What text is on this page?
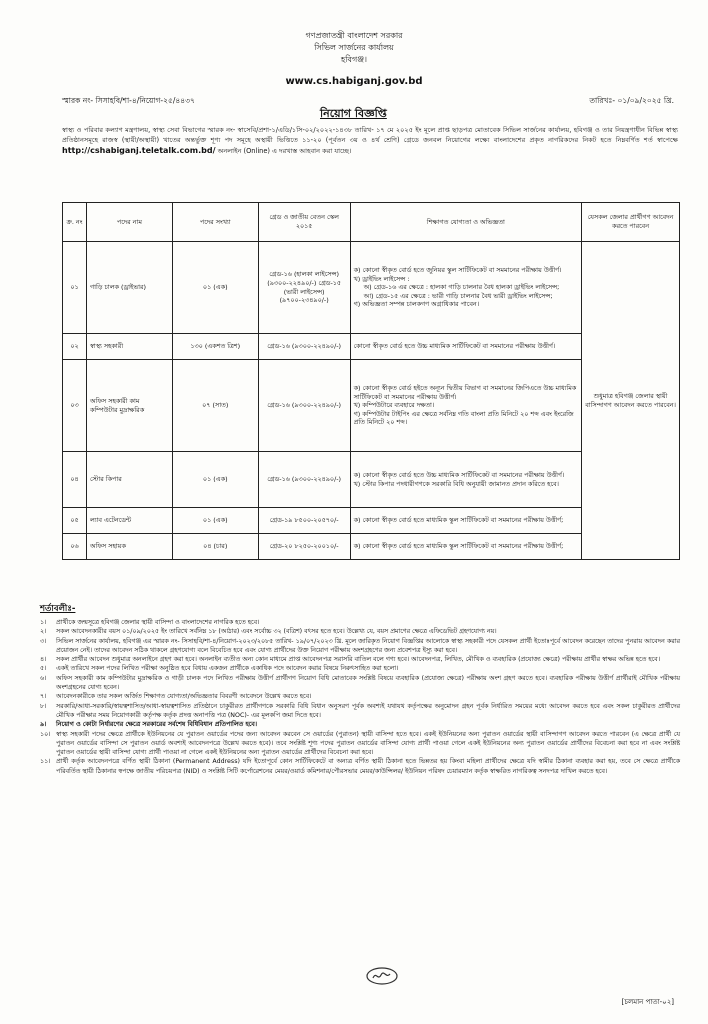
গণপ্রজাতন্ত্রী বাংলাদেশ সরকার
সিভিল সার্জনের কার্যালয়
হবিগঞ্জ।
www.cs.habiganj.gov.bd
স্মারক নং- সিসাহবি/শা-৪/নিয়োগ-২৫/৪৪৩৭	তারিখঃ- ০১/০৯/২০২৫ খ্রি.
নিয়োগ বিজ্ঞপ্তি
স্বাস্থ্য ও পরিবার কল্যাণ মন্ত্রণালয়, স্বাস্থ্য সেবা বিভাগের স্মারক নং- স্বাসেবি/প্রশা-১/এডি/১সি-০২/২০২২-১৪৩৮ তারিখ- ১৭ মে ২০২৫ ইং মূলে প্রাপ্ত ছাড়পত্র মোতাবেক সিভিল সার্জনের কার্যালয়, হবিগঞ্জ ও তার নিয়ন্ত্রণাধীন বিভিন্ন স্বাস্থ্য প্রতিষ্ঠানসমূহে রাজস্ব (স্থায়ী/অস্থায়ী) খাতের অন্তর্ভুক্ত শূণ্য পদ সমূহে অস্থায়ী ভিত্তিতে ১১-২০ (পূর্বতন ৩য় ও ৪র্থ শ্রেণি) গ্রেডে জনবল নিয়োগের লক্ষ্যে বাংলাদেশের প্রকৃত নাগরিকদের নিকট হতে নিম্নবর্ণিত শর্ত স্বাপেক্ষে http://cshabiganj.teletalk.com.bd/ অনলাইন (Online) এ দরখাস্ত আহবান করা যাচ্ছে।
ক্র. নং	পদের নাম	পদের সংখ্যা	গ্রেড ও জাতীয় বেতন স্কেল ২০১৫	শিক্ষাগত যোগ্যতা ও অভিজ্ঞতা	যেসকল জেলার প্রার্থীগণ আবেদন করতে পারবেন
০১	গাড়ি চালক (ড্রাইভার)	০১ (এক)	গ্রেড-১৬ (হালকা লাইসেন্স) (৯৩০০-২২৪৯০/-) গ্রেড-১৫ (ভারী লাইসেন্স) (৯৭০০-২৩৪৯০/-)	ক) কোনো স্বীকৃত বোর্ড হতে জুনিয়র স্কুল সার্টিফিকেট বা সমমানের পরীক্ষায় উত্তীর্ণ।
খ) ড্রাইভিং লাইসেন্স :
অ) গ্রেড-১৬ এর ক্ষেত্রে : হালকা গাড়ি চালনার বৈধ হালকা ড্রাইভিং লাইসেন্স;
আ) গ্রেড-১৫ এর ক্ষেত্রে : ভারী গাড়ি চালনার বৈধ ভারী ড্রাইভিং লাইসেন্স;
গ) অভিজ্ঞতা সম্পন্ন চালকগণ অগ্রাধিকার পাবেন।	শুধুমাত্র হবিগঞ্জ জেলার স্থায়ী বাসিন্দাগণ আবেদন করতে পারবেন।
০২	স্বাস্থ্য সহকারী	১৩০ (একশত ত্রিশ)	গ্রেড-১৬ (৯৩০০-২২৪৯০/-)	কোনো স্বীকৃত বোর্ড হতে উচ্চ মাধ্যমিক সার্টিফিকেট বা সমমানের পরীক্ষায় উত্তীর্ণ।	

০৩	অফিস সহকারী কাম কম্পিউটার মুদ্রাক্ষরিক	০৭ (সাত)	গ্রেড-১৬ (৯৩০০-২২৪৯০/-)	ক) কোনো স্বীকৃত বোর্ড হইতে অন্যূন দ্বিতীয় বিভাগ বা সমমানের জিপিএতে উচ্চ মাধ্যমিক সার্টিফিকেট বা সমমানের পরীক্ষায় উত্তীর্ণ।
খ) কম্পিউটারে ব্যবহারে দক্ষতা।
গ) কম্পিউটার টাইপিং এর ক্ষেত্রে সর্বনিম্ন গতি বাংলা প্রতি মিনিটে ২০ শব্দ এবং ইংরেজি প্রতি মিনিটে ২০ শব্দ।	

০৪	স্টোর কিপার	০১ (এক)	গ্রেড-১৬ (৯৩০০-২২৪৯০/-)	ক) কোনো স্বীকৃত বোর্ড হতে উচ্চ মাধ্যমিক সার্টিফিকেট বা সমমানের পরীক্ষায় উত্তীর্ণ।
খ) স্টোর কিপার পদধারীগণকে সরকারি বিধি অনুযায়ী জামানত প্রদান করিতে হবে।	

০৫	ল্যাব এটেনডেন্ট	০১ (এক)	গ্রেড-১৯ ৮৫০০-২০৫৭০/-	ক) কোনো স্বীকৃত বোর্ড হতে মাধ্যমিক স্কুল সার্টিফিকেট বা সমমানের পরীক্ষায় উত্তীর্ণ;	

০৬	অফিস সহায়ক	০৪ (চার)	গ্রেড-২০ ৮২৫০-২০০১০/-	ক) কোনো স্বীকৃত বোর্ড হতে মাধ্যমিক স্কুল সার্টিফিকেট বা সমমানের পরীক্ষায় উত্তীর্ণ;	
শর্তাবলীঃ-
১।	প্রার্থীকে জন্মসূত্রে হবিগঞ্জ জেলার স্থায়ী বাসিন্দা ও বাংলাদেশের নাগরিক হতে হবে।
২।	সকল আবেদনকারীর বয়স ০১/০৯/২০২৫ ইং তারিখে সর্বনিম্ন ১৮ (আঠার) এবং সর্বোচ্চ ৩২ (বত্রিশ) বৎসর হতে হবে। উল্লেখ্য যে, বয়স প্রমাণের ক্ষেত্রে এফিডেভিট গ্রহণযোগ্য নয়।
৩।	সিভিল সার্জনের কার্যালয়, হবিগঞ্জ এর স্মারক নং- সিসাহবি/শা-৪/নিয়োগ-২০২৩/২০৮৫ তারিখ- ১৯/০৭/২০২৩ খ্রি. মূলে জারিকৃত নিয়োগ বিজ্ঞপ্তির আলোকে স্বাস্থ্য সহকারী পদে যেসকল প্রার্থী ইতোঃপূর্বে আবেদন করেছেন তাদের পুনরায় আবেদন করার প্রয়োজন নেই। তাদের আবেদন সঠিক থাকলে গ্রহণযোগ্য বলে বিবেচিত হবে এবং যোগ্য প্রার্থীদের উক্ত নিয়োগ পরীক্ষায় অংশগ্রহণের জন্য প্রবেশপত্র ইস্যু করা হবে।
৪।	সকল প্রার্থীর আবেদন শুধুমাত্র অনলাইনে গ্রহণ করা হবে। অনলাইন ব্যতীত অন্য কোন মাধ্যমে প্রাপ্ত আবেদনপত্র সরাসরি বাতিল বলে গণ্য হবে। আবেদনপত্র, লিখিত, মৌখিক ও ব্যবহারিক (প্রযোজ্য ক্ষেত্রে) পরীক্ষায় প্রার্থীর স্বাক্ষর অভিন্ন হতে হবে।
৫।	একই তারিখে সকল পদের লিখিত পরীক্ষা অনুষ্ঠিত হবে বিধায় একজন প্রার্থীকে একাধিক পদে আবেদন করার বিষয়ে নিরুৎসাহিত করা হলো।
৬।	অফিস সহকারী কাম কম্পিউটার মুদ্রাক্ষরিক ও গাড়ী চালক পদে লিখিত পরীক্ষায় উত্তীর্ণ প্রার্থীগণ নিয়োগ বিধি মোতাবেক সংশ্লিষ্ট বিষয়ে ব্যবহারিক (প্রযোজ্য ক্ষেত্রে) পরীক্ষায় অংশ গ্রহণ করতে হবে। ব্যবহারিক পরীক্ষায় উত্তীর্ণ প্রার্থীরাই মৌখিক পরীক্ষায় অংশগ্রহনের যোগ্য হবেন।
৭।	আবেদনকারীকে তার সকল অর্জিত শিক্ষাগত যোগ্যতা/অভিজ্ঞতার বিবরণী আবেদনে উল্লেখ করতে হবে।
৮।	সরকারি/আধা-সরকারি/স্বায়ত্বশাসিত/আধা-স্বায়ত্বশাসিত প্রতিষ্ঠানে চাকুরীরত প্রার্থীগণকে সরকারি বিধি বিধান অনুসরণ পূর্বক অবশ্যই যথাযথ কর্তৃপক্ষের অনুমোদন গ্রহন পূর্বক নির্ধারিত সময়ের মধ্যে আবেদন করতে হবে এবং সকল চাকুরীরত প্রার্থীদের মৌখিক পরীক্ষার সময় নিয়োগকারী কর্তৃপক্ষ কর্তৃক প্রদত্ত অনাপত্তি পত্র (NOC)- এর মূলকপি জমা দিতে হবে।
৯।	নিয়োগ ও কোটা নির্ধারণের ক্ষেত্রে সরকারের সর্বশেষ বিধিবিধান প্রতিপালিত হবে।
১০। স্বাস্থ্য সহকারী পদের ক্ষেত্রে প্রার্থীকে ইউনিয়নের যে পুরাতন ওয়ার্ডের পদের জন্য আবেদন করবেন সে ওয়ার্ডের (পুরাতন) স্থায়ী বাসিন্দা হতে হবে। একই ইউনিয়নের অন্য পুরাতন ওয়ার্ডের স্থায়ী বাসিন্দাগণ আবেদন করতে পারবেন (এ ক্ষেত্রে প্রার্থী যে পুরাতন ওয়ার্ডের বাসিন্দা সে পুরাতন ওয়ার্ড অবশ্যই আবেদনপত্রে উল্লেখ করতে হবে)। তবে সংশ্লিষ্ট শূণ্য পদের পুরাতন ওয়ার্ডের বাসিন্দা যোগ্য প্রার্থী পাওয়া গেলে একই ইউনিয়নের অন্য পুরাতন ওয়ার্ডের প্রার্থীদের বিবেচনা করা হবে না এবং সংশ্লিষ্ট পুরাতন ওয়ার্ডের স্থায়ী বাসিন্দা যোগ্য প্রার্থী পাওয়া না গেলে একই ইউনিয়নের অন্য পুরাতন ওয়ার্ডের প্রার্থীদের বিবেচনা করা হবে।
১১। প্রার্থী কর্তৃক আবেদনপত্রে বর্ণিত স্থায়ী ঠিকানা (Permanent Address) যদি ইতোপূর্বে কোন সার্টিফিকেটে বা অন্যত্র বর্ণিত স্থায়ী ঠিকানা হতে ভিন্নতর হয় কিংবা মহিলা প্রার্থীদের ক্ষেত্রে যদি স্বামীর ঠিকানা ব্যবহার করা হয়, তবে সে ক্ষেত্রে প্রার্থীকে পরিবর্তিত স্থায়ী ঠিকানার স্বপক্ষে জাতীয় পরিচয়পত্র (NID) ও সংশ্লিষ্ট সিটি কর্পোরেশনের মেয়র/ওয়ার্ড কমিশনার/পৌরসভার মেয়র/কাউন্সিলর/ ইউনিয়ন পরিষদ চেয়ারম্যান কর্তৃক স্বাক্ষরিত নাগরিকত্ব সনদপত্র দাখিল করতে হবে।
[চলমান পাতা-০২]
